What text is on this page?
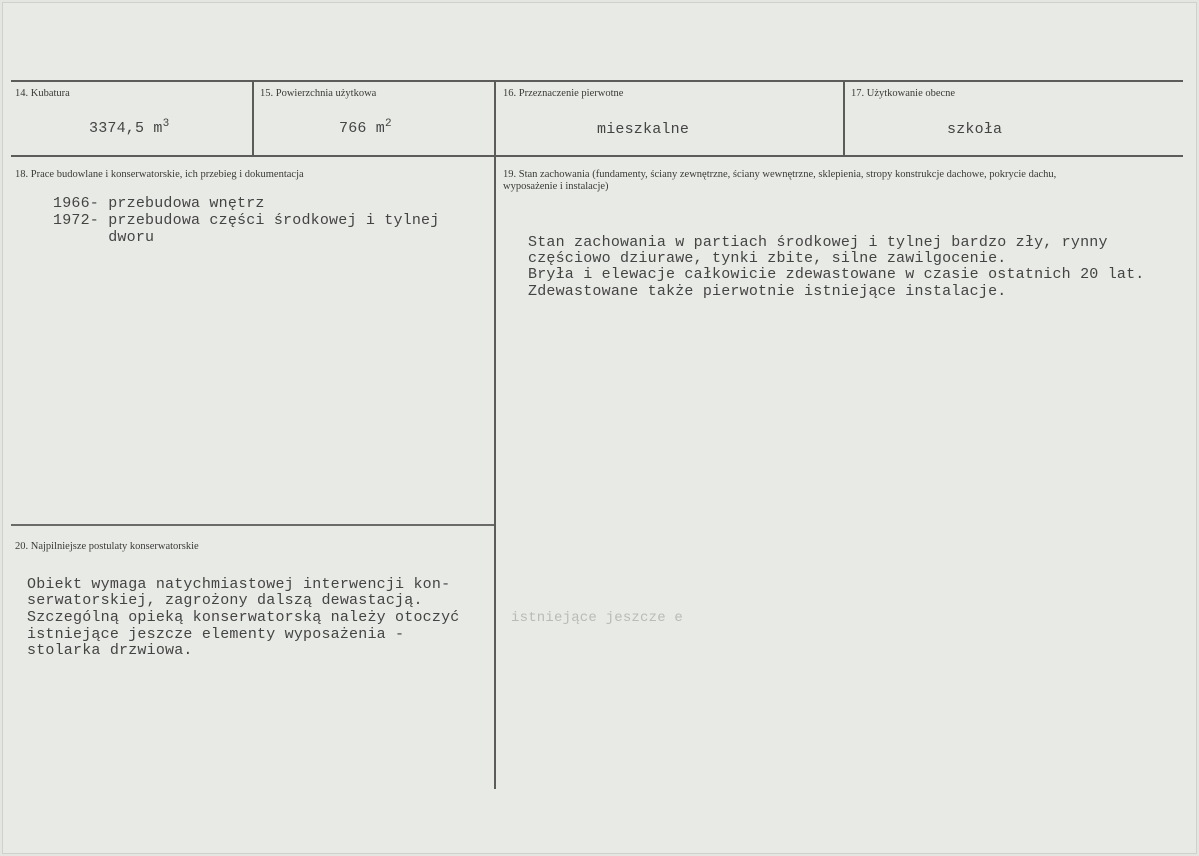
14. Kubatura
3374,5 $m^3$
15. Powierzchnia użytkowa
766 $m^2$
16. Przeznaczenie pierwotne
mieszkalne
17. Użytkowanie obecne
szkoła
18. Prace budowlane i konserwatorskie, ich przebieg i dokumentacja
1966- przebudowa wnętrz
1972- przebudowa części środkowej i tylnej
dworu
19. Stan zachowania (fundamenty, ściany zewnętrzne, ściany wewnętrzne, sklepienia, stropy konstrukcje dachowe, pokrycie dachu, wyposażenie i instalacje)
Stan zachowania w partiach środkowej i tylnej bardzo zły, rynny
częściowo dziurawe, tynki zbite, silne zawilgocenie.
Bryła i elewacje całkowicie zdewastowane w czasie ostatnich 20 lat.
Zdewastowane także pierwotnie istniejące instalacje.
20. Najpilniejsze postulaty konserwatorskie
Obiekt wymaga natychmiastowej interwencji kon-
serwatorskiej, zagrożony dalszą dewastacją.
Szczególną opieką konserwatorską należy otoczyć
istniejące jeszcze elementy wyposażenia -
stolarka drzwiowa.
istniejące jeszcze e
